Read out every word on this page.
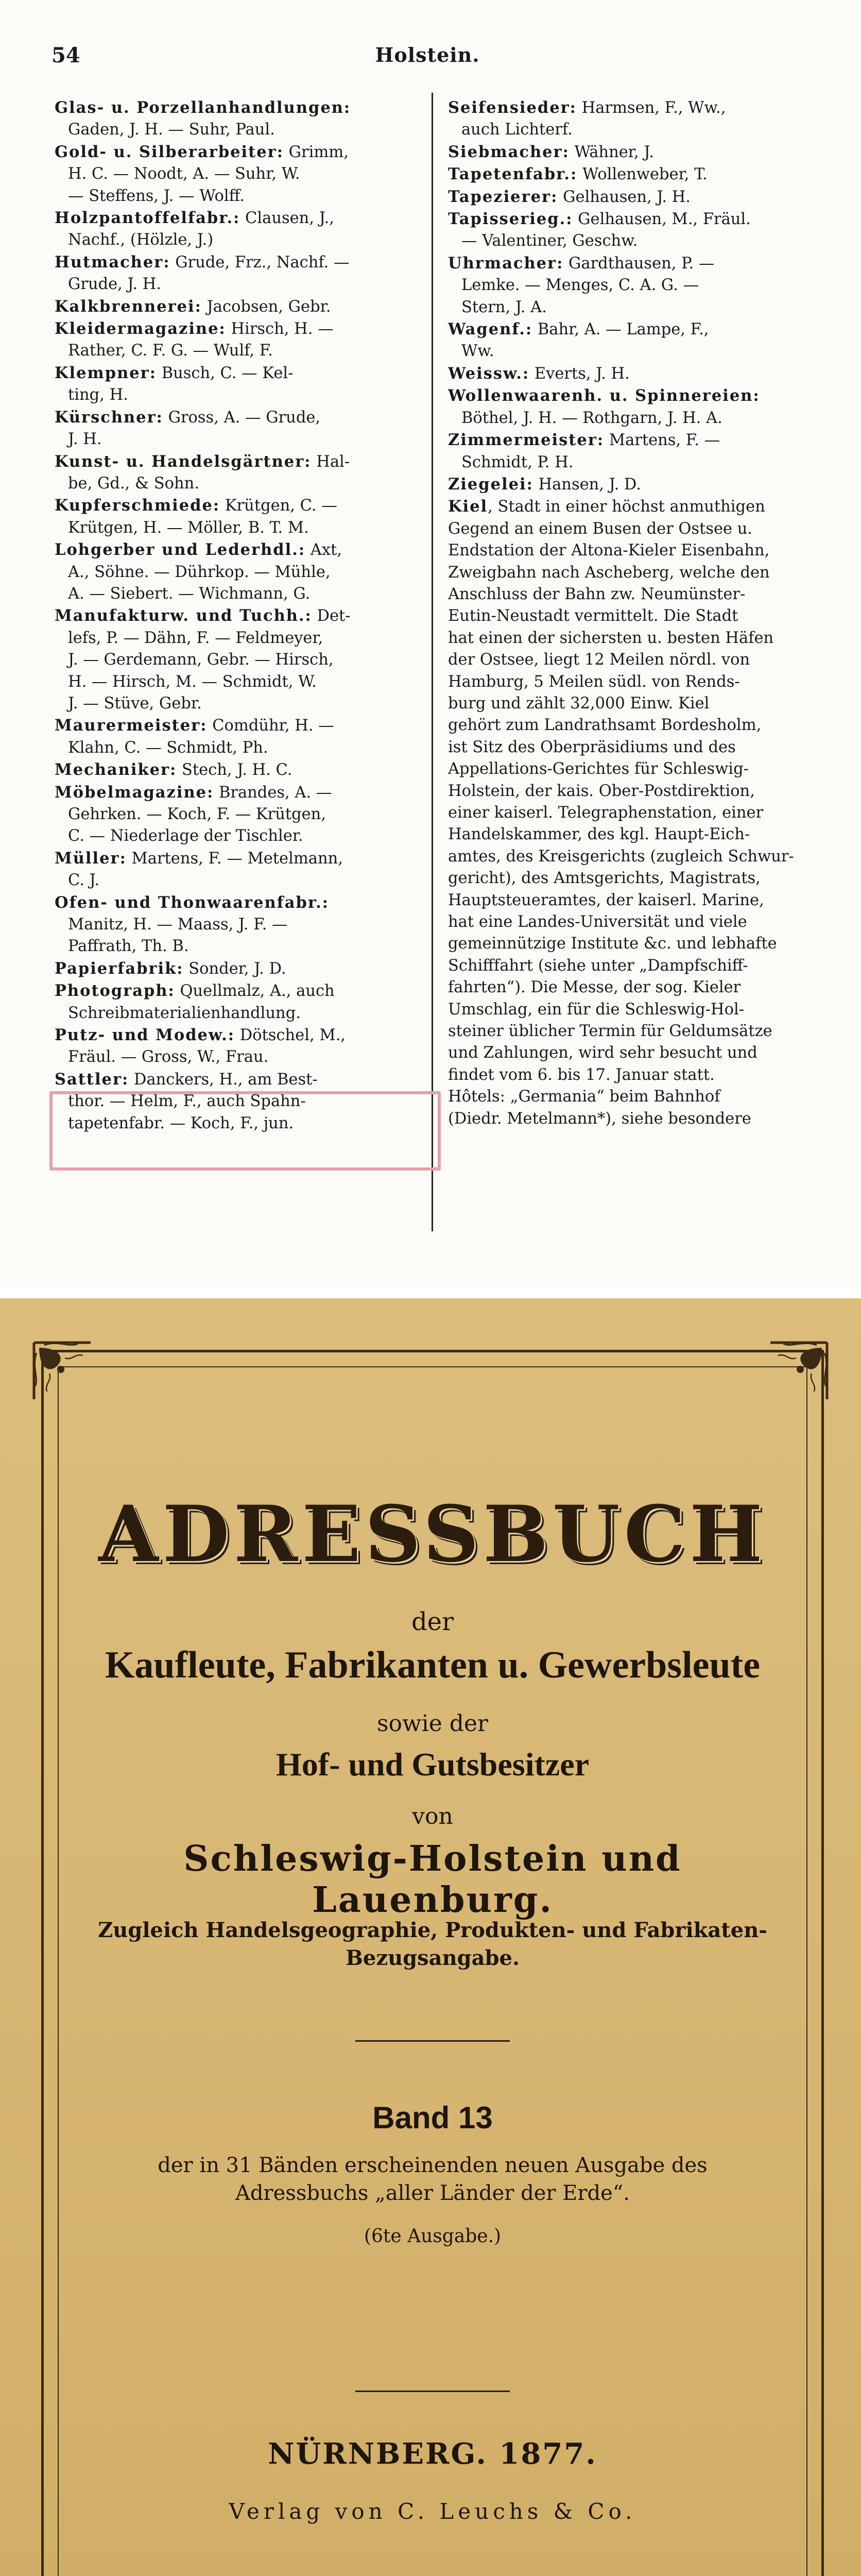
54	Holstein.
Glas- u. Porzellanhandlungen:
Gaden, J. H. — Suhr, Paul.
Gold- u. Silberarbeiter: Grimm,
H. C. — Noodt, A. — Suhr, W.
— Steffens, J. — Wolff.
Holzpantoffelfabr.: Clausen, J.,
Nachf., (Hölzle, J.)
Hutmacher: Grude, Frz., Nachf. —
Grude, J. H.
Kalkbrennerei: Jacobsen, Gebr.
Kleidermagazine: Hirsch, H. —
Rather, C. F. G. — Wulf, F.
Klempner: Busch, C. — Kel-
ting, H.
Kürschner: Gross, A. — Grude,
J. H.
Kunst- u. Handelsgärtner: Hal-
be, Gd., & Sohn.
Kupferschmiede: Krütgen, C. —
Krütgen, H. — Möller, B. T. M.
Lohgerber und Lederhdl.: Axt,
A., Söhne. — Dührkop. — Mühle,
A. — Siebert. — Wichmann, G.
Manufakturw. und Tuchh.: Det-
lefs, P. — Dähn, F. — Feldmeyer,
J. — Gerdemann, Gebr. — Hirsch,
H. — Hirsch, M. — Schmidt, W.
J. — Stüve, Gebr.
Maurermeister: Comdühr, H. —
Klahn, C. — Schmidt, Ph.
Mechaniker: Stech, J. H. C.
Möbelmagazine: Brandes, A. —
Gehrken. — Koch, F. — Krütgen,
C. — Niederlage der Tischler.
Müller: Martens, F. — Metelmann,
C. J.
Ofen- und Thonwaarenfabr.:
Manitz, H. — Maass, J. F. —
Paffrath, Th. B.
Papierfabrik: Sonder, J. D.
Photograph: Quellmalz, A., auch
Schreibmaterialienhandlung.
Putz- und Modew.: Dötschel, M.,
Fräul. — Gross, W., Frau.
Sattler: Danckers, H., am Best-
thor. — Helm, F., auch Spahn-
tapetenfabr. — Koch, F., jun.
Seifensieder: Harmsen, F., Ww.,
auch Lichterf.
Siebmacher: Wähner, J.
Tapetenfabr.: Wollenweber, T.
Tapezierer: Gelhausen, J. H.
Tapisserieg.: Gelhausen, M., Fräul.
— Valentiner, Geschw.
Uhrmacher: Gardthausen, P. —
Lemke. — Menges, C. A. G. —
Stern, J. A.
Wagenf.: Bahr, A. — Lampe, F.,
Ww.
Weissw.: Everts, J. H.
Wollenwaarenh. u. Spinnereien:
Böthel, J. H. — Rothgarn, J. H. A.
Zimmermeister: Martens, F. —
Schmidt, P. H.
Ziegelei: Hansen, J. D.
Kiel, Stadt in einer höchst anmuthigen
Gegend an einem Busen der Ostsee u.
Endstation der Altona-Kieler Eisenbahn,
Zweigbahn nach Ascheberg, welche den
Anschluss der Bahn zw. Neumünster-
Eutin-Neustadt vermittelt. Die Stadt
hat einen der sichersten u. besten Häfen
der Ostsee, liegt 12 Meilen nördl. von
Hamburg, 5 Meilen südl. von Rends-
burg und zählt 32,000 Einw. Kiel
gehört zum Landrathsamt Bordesholm,
ist Sitz des Oberpräsidiums und des
Appellations-Gerichtes für Schleswig-
Holstein, der kais. Ober-Postdirektion,
einer kaiserl. Telegraphenstation, einer
Handelskammer, des kgl. Haupt-Eich-
amtes, des Kreisgerichts (zugleich Schwur-
gericht), des Amtsgerichts, Magistrats,
Hauptsteueramtes, der kaiserl. Marine,
hat eine Landes-Universität und viele
gemeinnützige Institute &c. und lebhafte
Schifffahrt (siehe unter „Dampfschiff-
fahrten“). Die Messe, der sog. Kieler
Umschlag, ein für die Schleswig-Hol-
steiner üblicher Termin für Geldumsätze
und Zahlungen, wird sehr besucht und
findet vom 6. bis 17. Januar statt.
Hôtels: „Germania“ beim Bahnhof
(Diedr. Metelmann*), siehe besondere
ADRESSBUCH
der
Kaufleute, Fabrikanten u. Gewerbsleute
sowie der
Hof- und Gutsbesitzer
von
Schleswig-Holstein und Lauenburg.
Zugleich Handelsgeographie, Produkten- und Fabrikaten-
Bezugsangabe.
Band 13
der in 31 Bänden erscheinenden neuen Ausgabe des
Adressbuchs „aller Länder der Erde“.
(6te Ausgabe.)
NÜRNBERG. 1877.
Verlag von C. Leuchs & Co.
